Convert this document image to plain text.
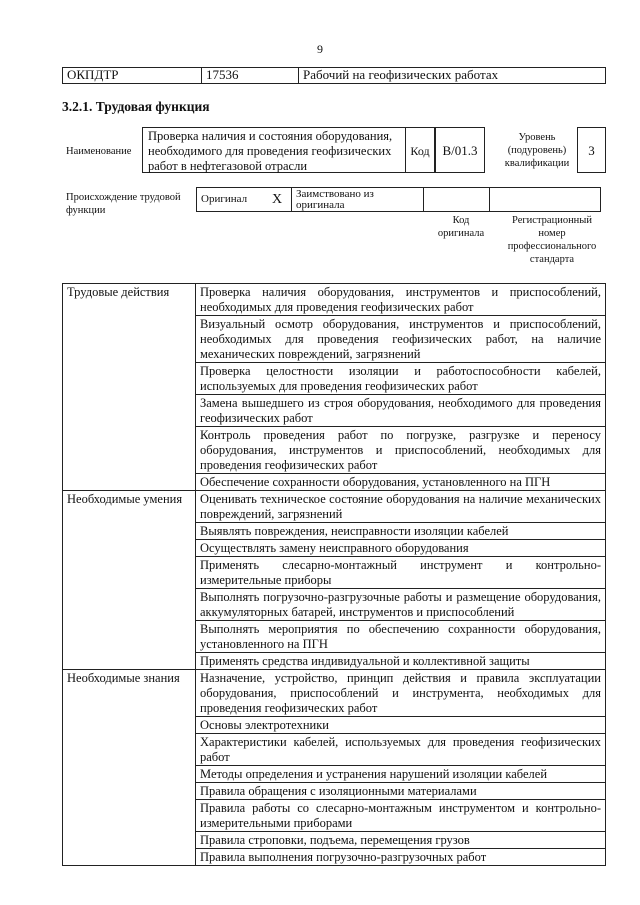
9
ОКПДТР	17536	Рабочий на геофизических работах
3.2.1. Трудовая функция
Наименование
Проверка наличия и состояния оборудования, необходимого для проведения геофизических работ в нефтегазовой отрасли
Код B/01.3
Уровень (подуровень) квалификации
3
Происхождение трудовой функции
Оригинал	X	Заимствовано из оригинала		
Код оригинала
Регистрационный номер профессионального стандарта
Трудовые действия	Проверка наличия оборудования, инструментов и приспособлений, необходимых для проведения геофизических работ
	Визуальный осмотр оборудования, инструментов и приспособлений, необходимых для проведения геофизических работ, на наличие механических повреждений, загрязнений
	Проверка целостности изоляции и работоспособности кабелей, используемых для проведения геофизических работ
	Замена вышедшего из строя оборудования, необходимого для проведения геофизических работ
	Контроль проведения работ по погрузке, разгрузке и переносу оборудования, инструментов и приспособлений, необходимых для проведения геофизических работ
	Обеспечение сохранности оборудования, установленного на ПГН
Необходимые умения	Оценивать техническое состояние оборудования на наличие механических повреждений, загрязнений
	Выявлять повреждения, неисправности изоляции кабелей
	Осуществлять замену неисправного оборудования
	Применять слесарно-монтажный инструмент и контрольно-измерительные приборы
	Выполнять погрузочно-разгрузочные работы и размещение оборудования, аккумуляторных батарей, инструментов и приспособлений
	Выполнять мероприятия по обеспечению сохранности оборудования, установленного на ПГН
	Применять средства индивидуальной и коллективной защиты
Необходимые знания	Назначение, устройство, принцип действия и правила эксплуатации оборудования, приспособлений и инструмента, необходимых для проведения геофизических работ
	Основы электротехники
	Характеристики кабелей, используемых для проведения геофизических работ
	Методы определения и устранения нарушений изоляции кабелей
	Правила обращения с изоляционными материалами
	Правила работы со слесарно-монтажным инструментом и контрольно-измерительными приборами
	Правила строповки, подъема, перемещения грузов
	Правила выполнения погрузочно-разгрузочных работ
